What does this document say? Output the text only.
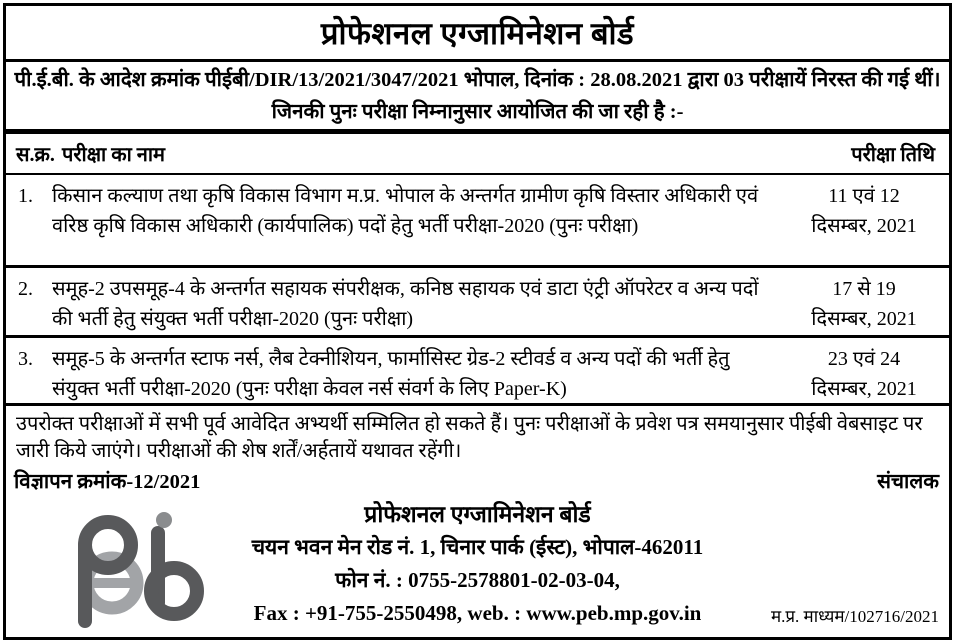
प्रोफेशनल एग्जामिनेशन बोर्ड
पी.ई.बी. के आदेश क्रमांक पीईबी/DIR/13/2021/3047/2021 भोपाल, दिनांक : 28.08.2021 द्वारा 03 परीक्षायें निरस्त की गई थीं। जिनकी पुनः परीक्षा निम्नानुसार आयोजित की जा रही है :-
स.क्र. परीक्षा का नाम	परीक्षा तिथि
1. किसान कल्याण तथा कृषि विकास विभाग म.प्र. भोपाल के अन्तर्गत ग्रामीण कृषि विस्तार अधिकारी एवं वरिष्ठ कृषि विकास अधिकारी (कार्यपालिक) पदों हेतु भर्ती परीक्षा-2020 (पुनः परीक्षा)
11 एवं 12
दिसम्बर, 2021
2. समूह-2 उपसमूह-4 के अन्तर्गत सहायक संपरीक्षक, कनिष्ठ सहायक एवं डाटा एंट्री ऑपरेटर व अन्य पदों की भर्ती हेतु संयुक्त भर्ती परीक्षा-2020 (पुनः परीक्षा)
17 से 19
दिसम्बर, 2021
3. समूह-5 के अन्तर्गत स्टाफ नर्स, लैब टेक्नीशियन, फार्मासिस्ट ग्रेड-2 स्टीवर्ड व अन्य पदों की भर्ती हेतु संयुक्त भर्ती परीक्षा-2020 (पुनः परीक्षा केवल नर्स संवर्ग के लिए Paper-K)
23 एवं 24
दिसम्बर, 2021
उपरोक्त परीक्षाओं में सभी पूर्व आवेदित अभ्यर्थी सम्मिलित हो सकते हैं। पुनः परीक्षाओं के प्रवेश पत्र समयानुसार पीईबी वेबसाइट पर जारी किये जाएंगे। परीक्षाओं की शेष शर्तें/अर्हतायें यथावत रहेंगी।
विज्ञापन क्रमांक-12/2021	संचालक
प्रोफेशनल एग्जामिनेशन बोर्ड
चयन भवन मेन रोड नं. 1, चिनार पार्क (ईस्ट), भोपाल-462011
फोन नं. : 0755-2578801-02-03-04,
Fax : +91-755-2550498, web. : www.peb.mp.gov.in	म.प्र. माध्यम/102716/2021
